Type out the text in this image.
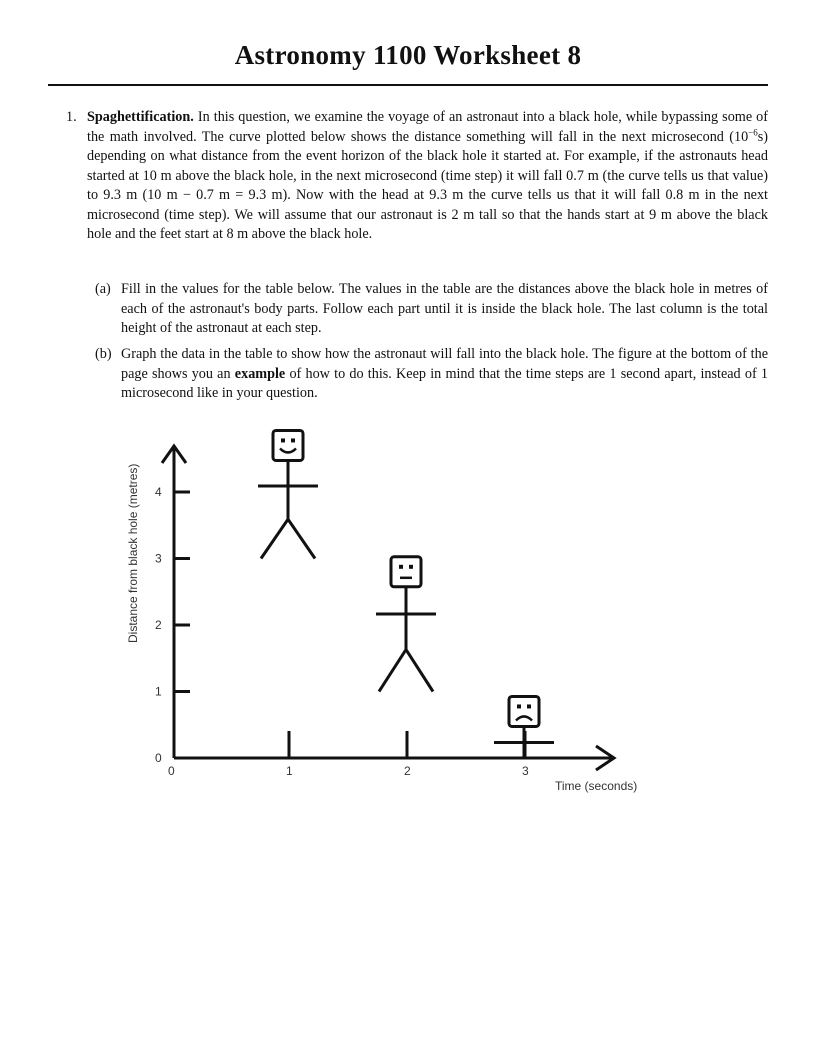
Astronomy 1100 Worksheet 8
1. Spaghettification. In this question, we examine the voyage of an astronaut into a black hole, while bypassing some of the math involved. The curve plotted below shows the distance something will fall in the next microsecond $(10^{-6}s)$ depending on what distance from the event horizon of the black hole it started at. For example, if the astronauts head started at 10 m above the black hole, in the next microsecond (time step) it will fall 0.7 m (the curve tells us that value) to 9.3 m (10 m − 0.7 m = 9.3 m). Now with the head at 9.3 m the curve tells us that it will fall 0.8 m in the next microsecond (time step). We will assume that our astronaut is 2 m tall so that the hands start at 9 m above the black hole and the feet start at 8 m above the black hole.
(a) Fill in the values for the table below. The values in the table are the distances above the black hole in metres of each of the astronaut's body parts. Follow each part until it is inside the black hole. The last column is the total height of the astronaut at each step.
(b) Graph the data in the table to show how the astronaut will fall into the black hole. The figure at the bottom of the page shows you an example of how to do this. Keep in mind that the time steps are 1 second apart, instead of 1 microsecond like in your question.
0
1
2
3
4
0	1	2	3
Time (seconds)
Distance from black hole (metres)
